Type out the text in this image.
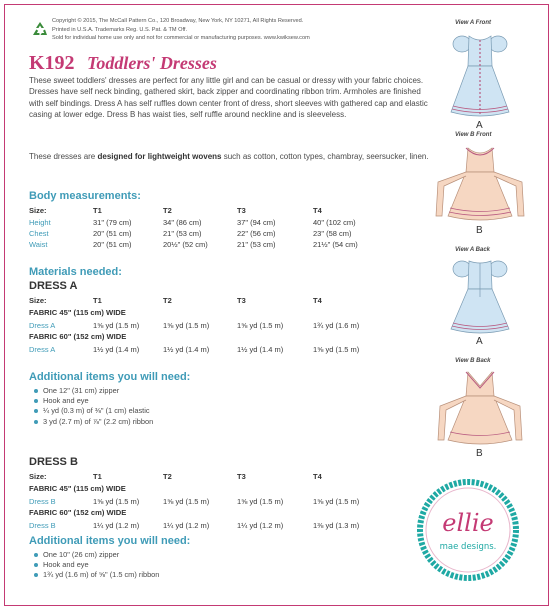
Copyright © 2015, The McCall Pattern Co., 120 Broadway, New York, NY 10271, All Rights Reserved.
Printed in U.S.A. Trademarks Reg. U.S. Pat. & TM Off.
Sold for individual home use only and not for commercial or manufacturing purposes. www.kwiksew.com
K192 Toddlers' Dresses
These sweet toddlers' dresses are perfect for any little girl and can be casual or dressy with your fabric choices. Dresses have self neck binding, gathered skirt, back zipper and coordinating ribbon trim. Armholes are finished with self bindings. Dress A has self ruffles down center front of dress, short sleeves with gathered cap and elastic casing at lower edge. Dress B has waist ties, self ruffle around neckline and is sleeveless.
These dresses are designed for lightweight wovens such as cotton, cotton types, chambray, seersucker, linen.
Body measurements:
Size:	T1	T2	T3	T4
Height	31" (79 cm)	34" (86 cm)	37" (94 cm)	40" (102 cm)
Chest	20" (51 cm)	21" (53 cm)	22" (56 cm)	23" (58 cm)
Waist	20" (51 cm)	20½" (52 cm)	21" (53 cm)	21½" (54 cm)
Materials needed:
DRESS A
Size:	T1	T2	T3	T4
FABRIC 45" (115 cm) WIDE
Dress A	1⅝ yd (1.5 m)	1⅝ yd (1.5 m)	1⅝ yd (1.5 m)	1¾ yd (1.6 m)
FABRIC 60" (152 cm) WIDE
Dress A	1½ yd (1.4 m)	1½ yd (1.4 m)	1½ yd (1.4 m)	1⅝ yd (1.5 m)
Additional items you will need:
One 12" (31 cm) zipper
Hook and eye
¼ yd (0.3 m) of ⅜" (1 cm) elastic
3 yd (2.7 m) of ⅞" (2.2 cm) ribbon
DRESS B
Size:	T1	T2	T3	T4
FABRIC 45" (115 cm) WIDE
Dress B	1⅝ yd (1.5 m)	1⅝ yd (1.5 m)	1⅝ yd (1.5 m)	1⅝ yd (1.5 m)
FABRIC 60" (152 cm) WIDE
Dress B	1¼ yd (1.2 m)	1¼ yd (1.2 m)	1¼ yd (1.2 m)	1⅜ yd (1.3 m)
Additional items you will need:
One 10" (26 cm) zipper
Hook and eye
1¾ yd (1.6 m) of ⅝" (1.5 cm) ribbon
View A Front
A
View B Front
B
View A Back
A
View B Back
B
ellie
mae designs.
